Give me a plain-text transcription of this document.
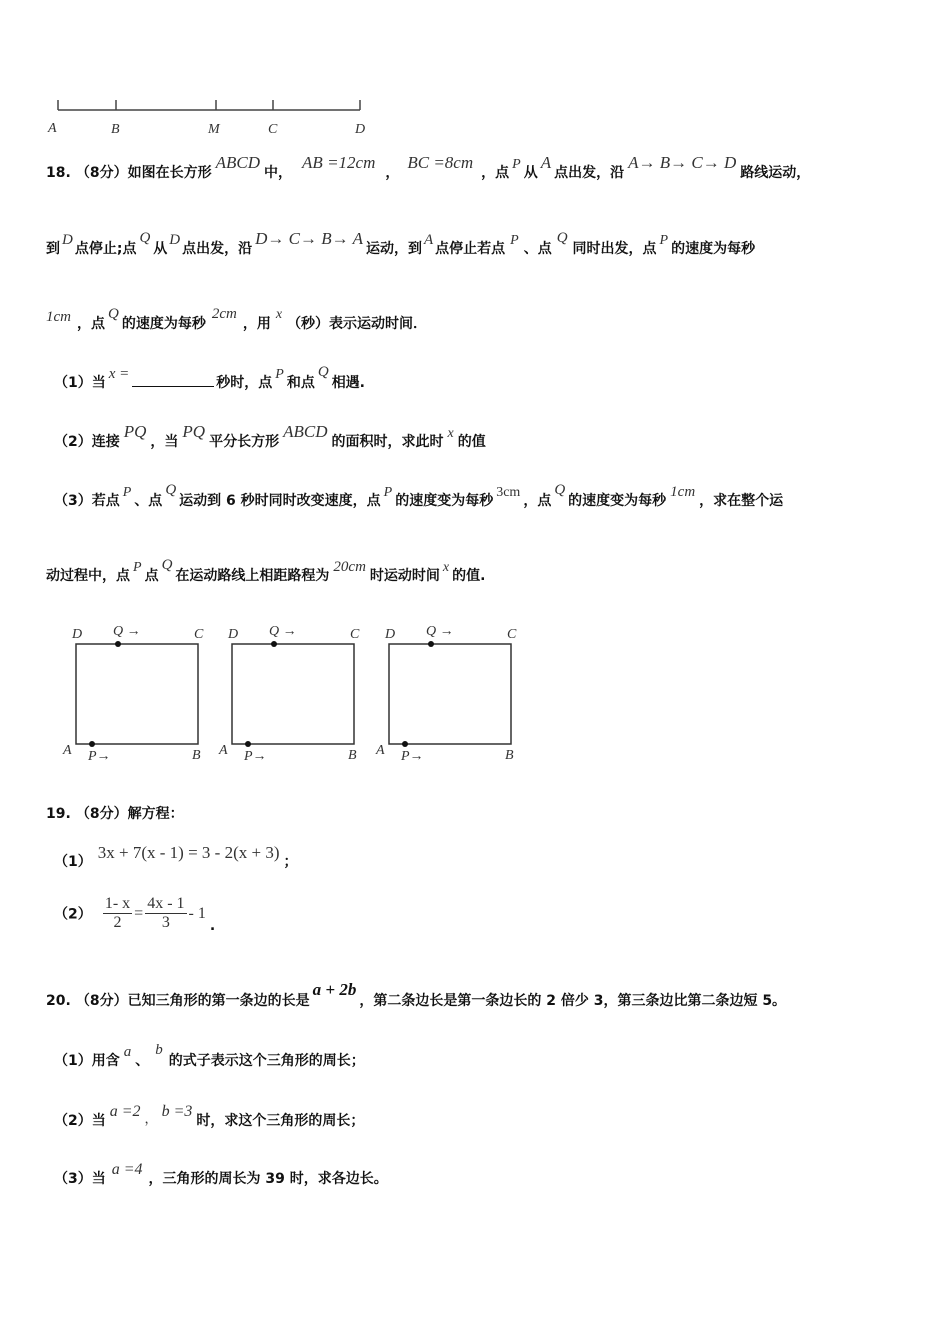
A	B	M	C	D
18. （8分）如图在长方形ABCD中，AB =12cm，BC =8cm，点P从A点出发，沿A→ B→ C→ D路线运动，
到D点停止;点Q从D点出发，沿D→ C→ B→ A运动，到A点停止若点P、点Q同时出发，点P的速度为每秒
1cm ，点Q的速度为每秒2cm，用x（秒）表示运动时间．
（1）当x =秒时，点P和点Q相遇.
（2）连接PQ，当PQ平分长方形ABCD的面积时，求此时x的值
（3）若点P、点Q运动到 6 秒时同时改变速度，点P的速度变为每秒3cm，点Q的速度变为每秒1cm，求在整个运
动过程中，点P点Q在运动路线上相距路程为20cm时运动时间x的值.
D Q →	C
A P→	B
D Q →	C
A P→	B
D Q →	C
A P→	B
19. （8分）解方程：
（1） 3x + 7(x - 1) = 3 - 2(x + 3) ；
$(2) \frac{1- x}{2} = \frac{4x - 1}{3} - 1$.
20. （8分）已知三角形的第一条边的长是a + 2b，第二条边长是第一条边长的 2 倍少 3，第三条边比第二条边短 5。
（1）用含a、b的式子表示这个三角形的周长；
（2）当a =2 ， b =3时，求这个三角形的周长；
（3）当a =4，三角形的周长为 39 时，求各边长。
